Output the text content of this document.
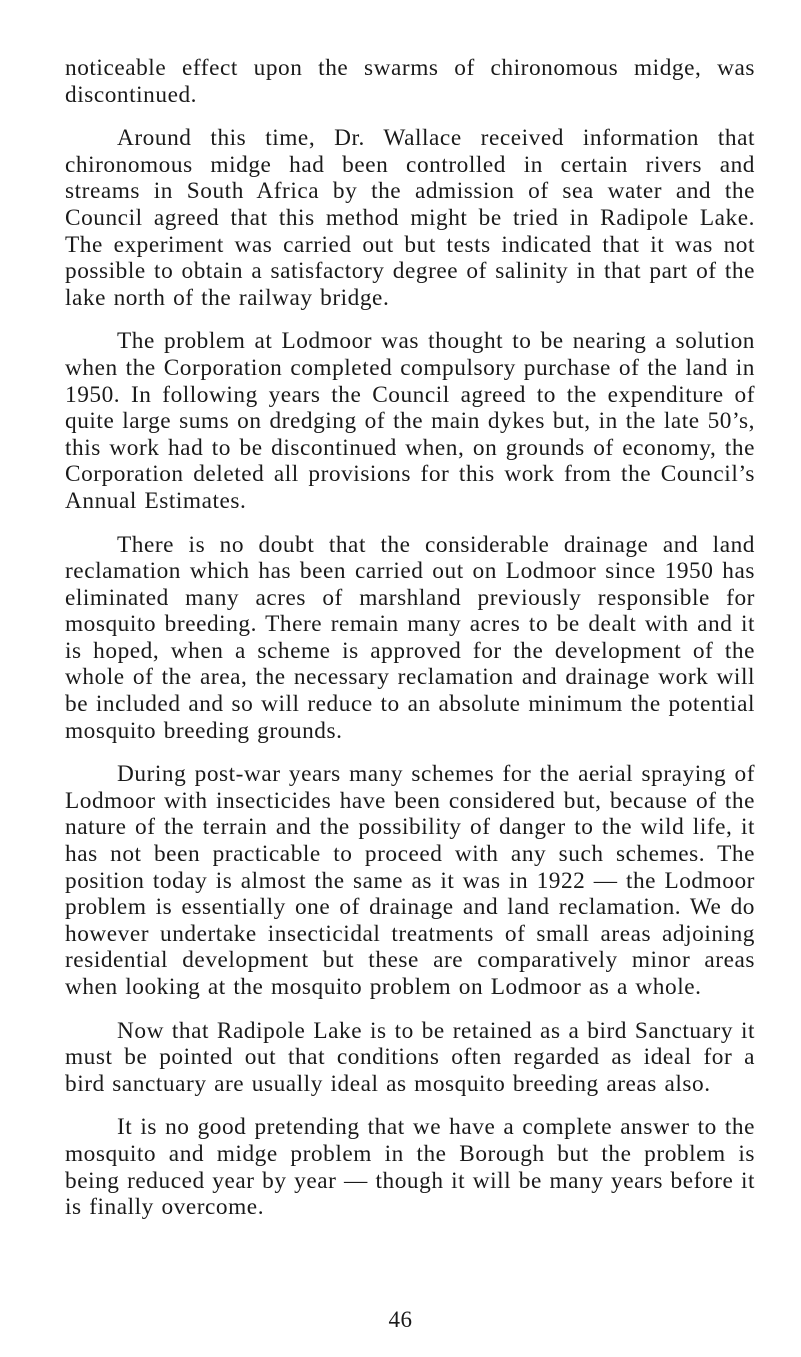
noticeable effect upon the swarms of chironomous midge, was discontinued.

Around this time, Dr. Wallace received information that chironomous midge had been controlled in certain rivers and streams in South Africa by the admission of sea water and the Council agreed that this method might be tried in Radipole Lake. The experiment was carried out but tests indicated that it was not possible to obtain a satisfactory degree of salinity in that part of the lake north of the railway bridge.

The problem at Lodmoor was thought to be nearing a solution when the Corporation completed compulsory purchase of the land in 1950. In following years the Council agreed to the expenditure of quite large sums on dredging of the main dykes but, in the late 50’s, this work had to be discontinued when, on grounds of economy, the Corporation deleted all provisions for this work from the Council’s Annual Estimates.

There is no doubt that the considerable drainage and land reclamation which has been carried out on Lodmoor since 1950 has eliminated many acres of marshland previously responsible for mosquito breeding. There remain many acres to be dealt with and it is hoped, when a scheme is approved for the development of the whole of the area, the necessary reclamation and drainage work will be included and so will reduce to an absolute minimum the potential mosquito breeding grounds.

During post-war years many schemes for the aerial spraying of Lodmoor with insecticides have been considered but, because of the nature of the terrain and the possibility of danger to the wild life, it has not been practicable to proceed with any such schemes. The position today is almost the same as it was in 1922 — the Lodmoor problem is essentially one of drainage and land reclamation. We do however undertake insecticidal treatments of small areas adjoining residential development but these are comparatively minor areas when looking at the mosquito problem on Lodmoor as a whole.

Now that Radipole Lake is to be retained as a bird Sanctuary it must be pointed out that conditions often regarded as ideal for a bird sanctuary are usually ideal as mosquito breeding areas also.

It is no good pretending that we have a complete answer to the mosquito and midge problem in the Borough but the problem is being reduced year by year — though it will be many years before it is finally overcome.

46
